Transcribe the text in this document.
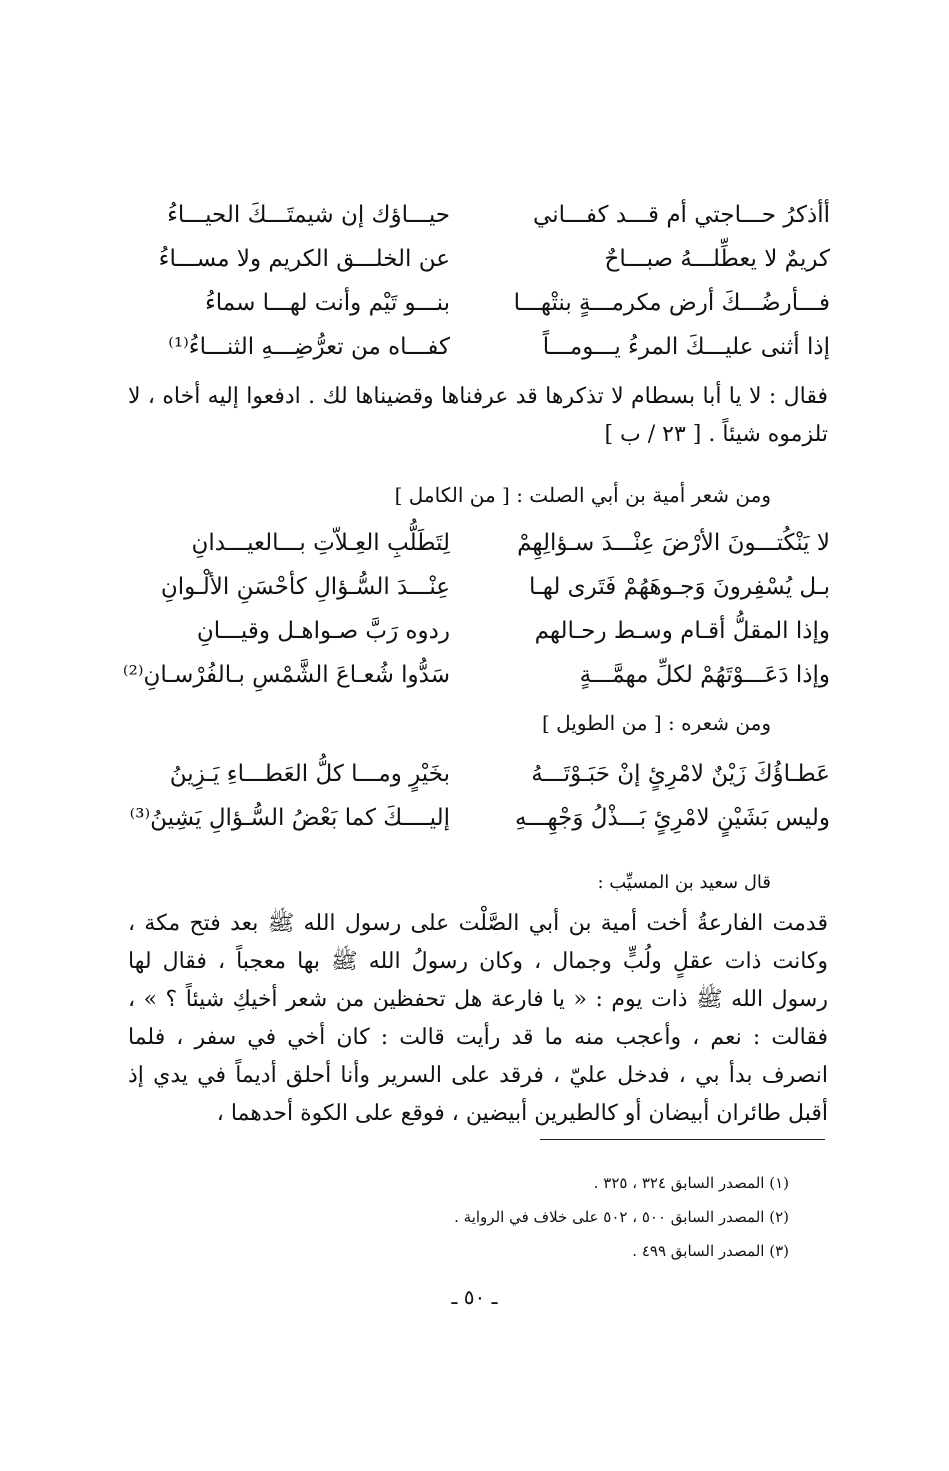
أأذكرُ حـــاجتي أم قـــد كفـــاني
حيـــاؤك إن شيمتَـــكَ الحيـــاءُ
كريمٌ لا يعطِّلـــهُ صبـــاحٌ
عن الخلـــق الكريم ولا مســـاءُ
فـــأرضُـــكَ أرض مكرمـــةٍ بنتْهـــا
بنـــو تَيْم وأنت لهـــا سماءُ
إذا أثنى عليـــكَ المرءُ يـــومـــاً
كفـــاه من تعرُّضِـــهِ الثنـــاءُ⁽¹⁾
فقال : لا يا أبا بسطام لا تذكرها قد عرفناها وقضيناها لك . ادفعوا إليه أخاه ، لا تلزموه شيئاً . [ ٢٣ / ب ]
ومن شعر أمية بن أبي الصلت : [ من الكامل ]
لا يَنْكُتـــونَ الأرْضَ عِنْـــدَ سـؤالِهِمْ
لِتَطَلُّبِ العِـلاّتِ بـــالعيـــدانِ
بـل يُسْفِرونَ وَجـوهَهُمْ فَتَرى لهـا
عِنْـــدَ السُّـؤالِ كأحْسَنِ الألْـوانِ
وإذا المقلُّ أقـام وسـط رحـالهم
ردوه رَبَّ صـواهـل وقيـــانِ
وإذا دَعَـــوْتَهُمْ لكلِّ مهمَّـــةٍ
سَدُّوا شُعـاعَ الشَّمْسِ بـالفُرْسـانِ⁽²⁾
ومن شعره : [ من الطويل ]
عَطـاؤُكَ زَيْنٌ لامْرِئٍ إنْ حَبَـوْتَـــهُ
بخَيْرٍ ومـــا كلُّ العَطـــاءِ يَـزِينُ
وليس بَشَيْنٍ لامْرِئٍ بَـــذْلُ وَجْهِـــهِ
إليــــكَ كما بَعْضُ السُّـؤالِ يَشِينُ⁽³⁾
قال سعيد بن المسيِّب :
قدمت الفارعةُ أخت أمية بن أبي الصَّلْت على رسول الله ﷺ بعد فتح مكة ، وكانت ذات عقلٍ ولُبٍّ وجمال ، وكان رسولُ الله ﷺ بها معجباً ، فقال لها رسول الله ﷺ ذات يوم : « يا فارعة هل تحفظين من شعر أخيكِ شيئاً ؟ » ، فقالت : نعم ، وأعجب منه ما قد رأيت قالت : كان أخي في سفر ، فلما انصرف بدأ بي ، فدخل عليّ ، فرقد على السرير وأنا أحلق أديماً في يدي إذ أقبل طائران أبيضان أو كالطيرين أبيضين ، فوقع على الكوة أحدهما ،
(١) المصدر السابق ٣٢٤ ، ٣٢٥ .
(٢) المصدر السابق ٥٠٠ ، ٥٠٢ على خلاف في الرواية .
(٣) المصدر السابق ٤٩٩ .
ـ ٥٠ ـ
